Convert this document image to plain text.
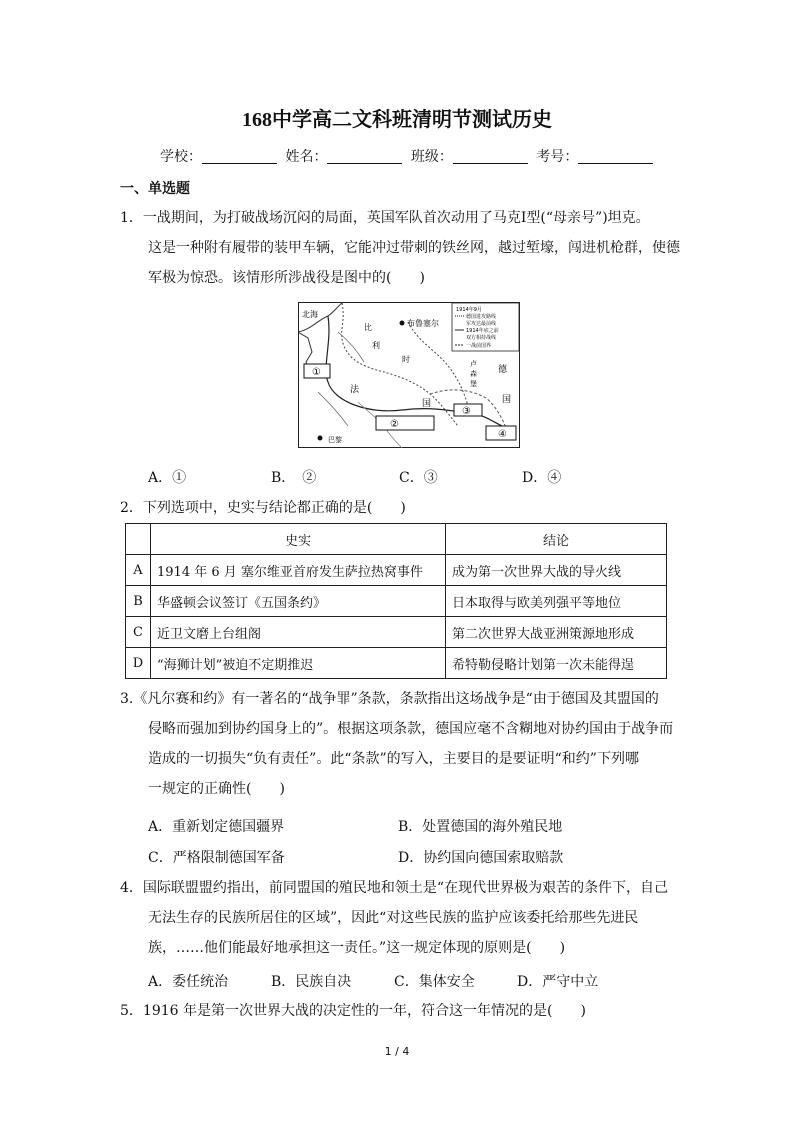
168中学高二文科班清明节测试历史
学校：	姓名：	班级：	考号：
一、单选题
1．一战期间，为打破战场沉闷的局面，英国军队首次动用了马克Ⅰ型(“母亲号”)坦克。
这是一种附有履带的装甲车辆，它能冲过带刺的铁丝网，越过堑壕，闯进机枪群，使德
军极为惊恐。该情形所涉战役是图中的(　　)
北海
布鲁塞尔
比
利
时
法
国
德
国
卢
森
堡
巴黎
1914年9月
德国进攻路线
军攻达最前线
1914年底之前
双方相持战线
一战前国界
①
②
③
④
A．①	B．　②	C．③	D．④
2．下列选项中，史实与结论都正确的是(　　)
	史实	结论
A	1914 年 6 月 塞尔维亚首府发生萨拉热窝事件	成为第一次世界大战的导火线
B	华盛顿会议签订《五国条约》	日本取得与欧美列强平等地位
C	近卫文磨上台组阁	第二次世界大战亚洲策源地形成
D	“海狮计划”被迫不定期推迟	希特勒侵略计划第一次未能得逞
3.《凡尔赛和约》有一著名的“战争罪”条款，条款指出这场战争是“由于德国及其盟国的
侵略而强加到协约国身上的”。根据这项条款，德国应毫不含糊地对协约国由于战争而
造成的一切损失“负有责任”。此“条款”的写入，主要目的是要证明“和约”下列哪
一规定的正确性(　　)
A．重新划定德国疆界	B．处置德国的海外殖民地
C．严格限制德国军备	D．协约国向德国索取赔款
4．国际联盟盟约指出，前同盟国的殖民地和领土是“在现代世界极为艰苦的条件下，自己
无法生存的民族所居住的区域”，因此“对这些民族的监护应该委托给那些先进民
族，……他们能最好地承担这一责任。”这一规定体现的原则是(　　)
A．委任统治	B．民族自决	C．集体安全	D．严守中立
5．1916 年是第一次世界大战的决定性的一年，符合这一年情况的是(　　)
1 / 4
